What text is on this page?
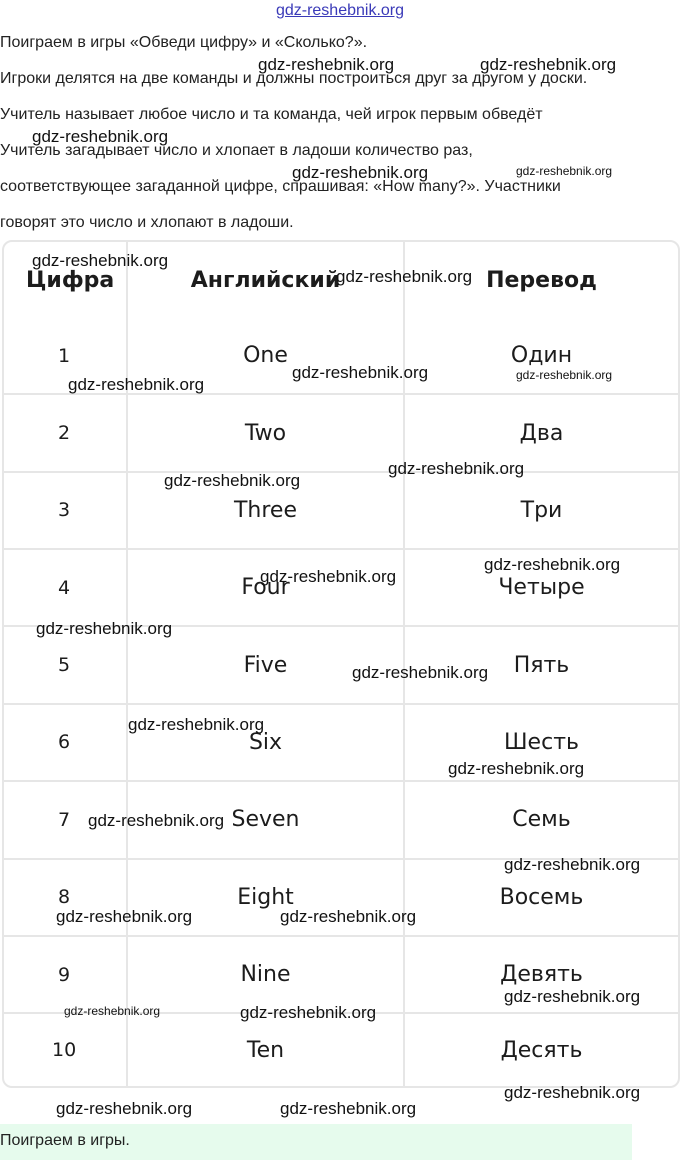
gdz-reshebnik.org
Поиграем в игры «Обведи цифру» и «Сколько?».
Игроки делятся на две команды и должны построиться друг за другом у доски.
Учитель называет любое число и та команда, чей игрок первым обведёт
Учитель загадывает число и хлопает в ладоши количество раз,
соответствующее загаданной цифре, спрашивая: «How many?». Участники
говорят это число и хлопают в ладоши.
Цифра	Английский	Перевод
1	One	Один
2	Two	Два
3	Three	Три
4	Four	Четыре
5	Five	Пять
6	Six	Шесть
7	Seven	Семь
8	Eight	Восемь
9	Nine	Девять
10	Ten	Десять
gdz-reshebnik.org	gdz-reshebnik.org
gdz-reshebnik.org
gdz-reshebnik.org	gdz-reshebnik.org
gdz-reshebnik.org
gdz-reshebnik.org
gdz-reshebnik.org
gdz-reshebnik.org	gdz-reshebnik.org
gdz-reshebnik.org
gdz-reshebnik.org
gdz-reshebnik.org
gdz-reshebnik.org
gdz-reshebnik.org
gdz-reshebnik.org
gdz-reshebnik.org
gdz-reshebnik.org
gdz-reshebnik.org
gdz-reshebnik.org
gdz-reshebnik.org	gdz-reshebnik.org
gdz-reshebnik.org
gdz-reshebnik.org	gdz-reshebnik.org
gdz-reshebnik.org
gdz-reshebnik.org	gdz-reshebnik.org
Поиграем в игры.
